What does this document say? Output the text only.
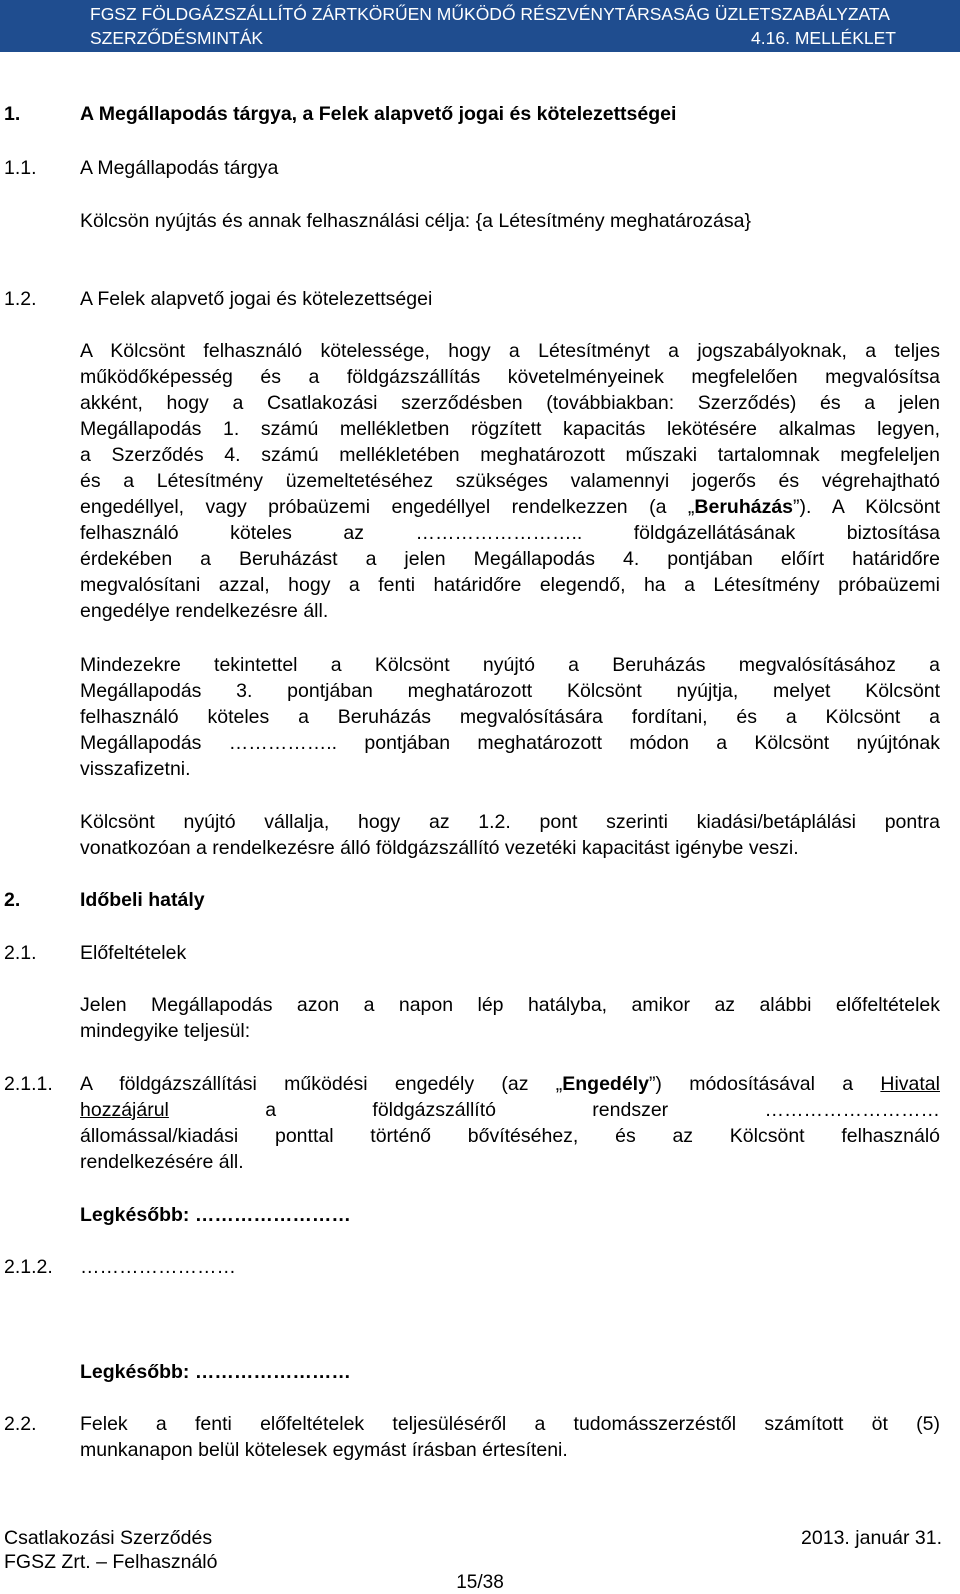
FGSZ FÖLDGÁZSZÁLLÍTÓ ZÁRTKÖRŰEN MŰKÖDŐ RÉSZVÉNYTÁRSASÁG ÜZLETSZABÁLYZATA
SZERZŐDÉSMINTÁK	4.16. MELLÉKLET
1.	A Megállapodás tárgya, a Felek alapvető jogai és kötelezettségei
1.1. A Megállapodás tárgya
Kölcsön nyújtás és annak felhasználási célja: {a Létesítmény meghatározása}
1.2. A Felek alapvető jogai és kötelezettségei
A Kölcsönt felhasználó kötelessége, hogy a Létesítményt a jogszabályoknak, a teljes
működőképesség és a földgázszállítás követelményeinek megfelelően megvalósítsa
akként, hogy a Csatlakozási szerződésben (továbbiakban: Szerződés) és a jelen
Megállapodás 1. számú mellékletben rögzített kapacitás lekötésére alkalmas legyen,
a Szerződés 4. számú mellékletében meghatározott műszaki tartalomnak megfeleljen
és a Létesítmény üzemeltetéséhez szükséges valamennyi jogerős és végrehajtható
engedéllyel, vagy próbaüzemi engedéllyel rendelkezzen (a „Beruházás”). A Kölcsönt
felhasználó köteles az …………………….. földgázellátásának biztosítása
érdekében a Beruházást a jelen Megállapodás 4. pontjában előírt határidőre
megvalósítani azzal, hogy a fenti határidőre elegendő, ha a Létesítmény próbaüzemi
engedélye rendelkezésre áll.
Mindezekre tekintettel a Kölcsönt nyújtó a Beruházás megvalósításához a
Megállapodás 3. pontjában meghatározott Kölcsönt nyújtja, melyet Kölcsönt
felhasználó köteles a Beruházás megvalósítására fordítani, és a Kölcsönt a
Megállapodás …………….. pontjában meghatározott módon a Kölcsönt nyújtónak
visszafizetni.
Kölcsönt nyújtó vállalja, hogy az 1.2. pont szerinti kiadási/betáplálási pontra
vonatkozóan a rendelkezésre álló földgázszállító vezetéki kapacitást igénybe veszi.
2.	Időbeli hatály
2.1. Előfeltételek
Jelen Megállapodás azon a napon lép hatályba, amikor az alábbi előfeltételek
mindegyike teljesül:
2.1.1. A földgázszállítási működési engedély (az „Engedély”) módosításával a Hivatal
hozzájárul a földgázszállító rendszer ………………………
állomással/kiadási ponttal történő bővítéséhez, és az Kölcsönt felhasználó
rendelkezésére áll.
Legkésőbb: ……………………
2.1.2. ……………………
Legkésőbb: ……………………
2.2. Felek a fenti előfeltételek teljesüléséről a tudomásszerzéstől számított öt (5)
munkanapon belül kötelesek egymást írásban értesíteni.
Csatlakozási Szerződés	2013. január 31.
FGSZ Zrt. – Felhasználó
15/38
